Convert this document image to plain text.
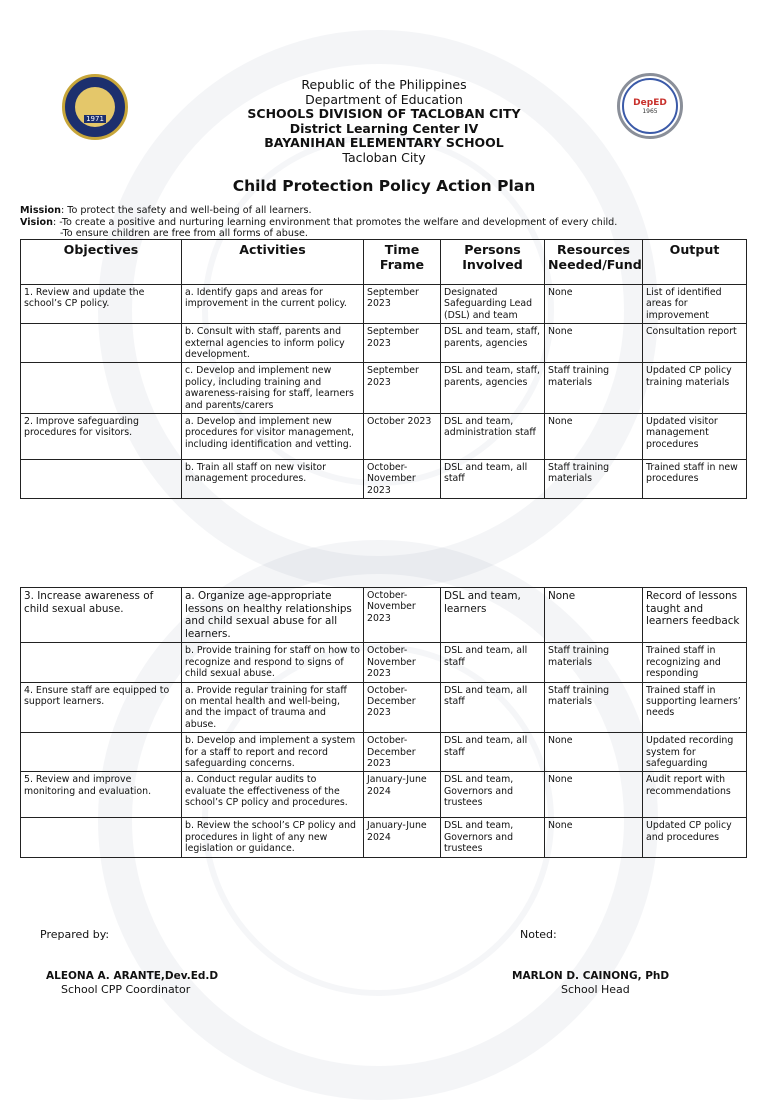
1971
DepED
1965
Republic of the Philippines
Department of Education
SCHOOLS DIVISION OF TACLOBAN CITY
District Learning Center IV
BAYANIHAN ELEMENTARY SCHOOL
Tacloban City
Child Protection Policy Action Plan
Mission: To protect the safety and well-being of all learners.
Vision: -To create a positive and nurturing learning environment that promotes the welfare and development of every child.
-To ensure children are free from all forms of abuse.
Objectives	Activities	Time Frame	Persons Involved	Resources Needed/Fund	Output
1. Review and update the school’s CP policy.	a. Identify gaps and areas for improvement in the current policy.	September 2023	Designated Safeguarding Lead (DSL) and team	None	List of identified areas for improvement
	b. Consult with staff, parents and external agencies to inform policy development.	September 2023	DSL and team, staff, parents, agencies	None	Consultation report
	c. Develop and implement new policy, including training and awareness-raising for staff, learners and parents/carers	September 2023	DSL and team, staff, parents, agencies	Staff training materials	Updated CP policy training materials
2. Improve safeguarding procedures for visitors.	a. Develop and implement new procedures for visitor management, including identification and vetting.	October 2023	DSL and team, administration staff	None	Updated visitor management procedures
	b. Train all staff on new visitor management procedures.	October-November 2023	DSL and team, all staff	Staff training materials	Trained staff in new procedures
3. Increase awareness of child sexual abuse.	a. Organize age-appropriate lessons on healthy relationships and child sexual abuse for all learners.	October-November 2023	DSL and team, learners	None	Record of lessons taught and learners feedback
	b. Provide training for staff on how to recognize and respond to signs of child sexual abuse.	October-November 2023	DSL and team, all staff	Staff training materials	Trained staff in recognizing and responding
4. Ensure staff are equipped to support learners.	a. Provide regular training for staff on mental health and well-being, and the impact of trauma and abuse.	October-December 2023	DSL and team, all staff	Staff training materials	Trained staff in supporting learners’ needs
	b. Develop and implement a system for a staff to report and record safeguarding concerns.	October-December 2023	DSL and team, all staff	None	Updated recording system for safeguarding
5. Review and improve monitoring and evaluation.	a. Conduct regular audits to evaluate the effectiveness of the school’s CP policy and procedures.	January-June 2024	DSL and team, Governors and trustees	None	Audit report with recommendations
	b. Review the school’s CP policy and procedures in light of any new legislation or guidance.	January-June 2024	DSL and team, Governors and trustees	None	Updated CP policy and procedures
Prepared by:	Noted:
ALEONA A. ARANTE,Dev.Ed.D
School CPP Coordinator
MARLON D. CAINONG, PhD
School Head
